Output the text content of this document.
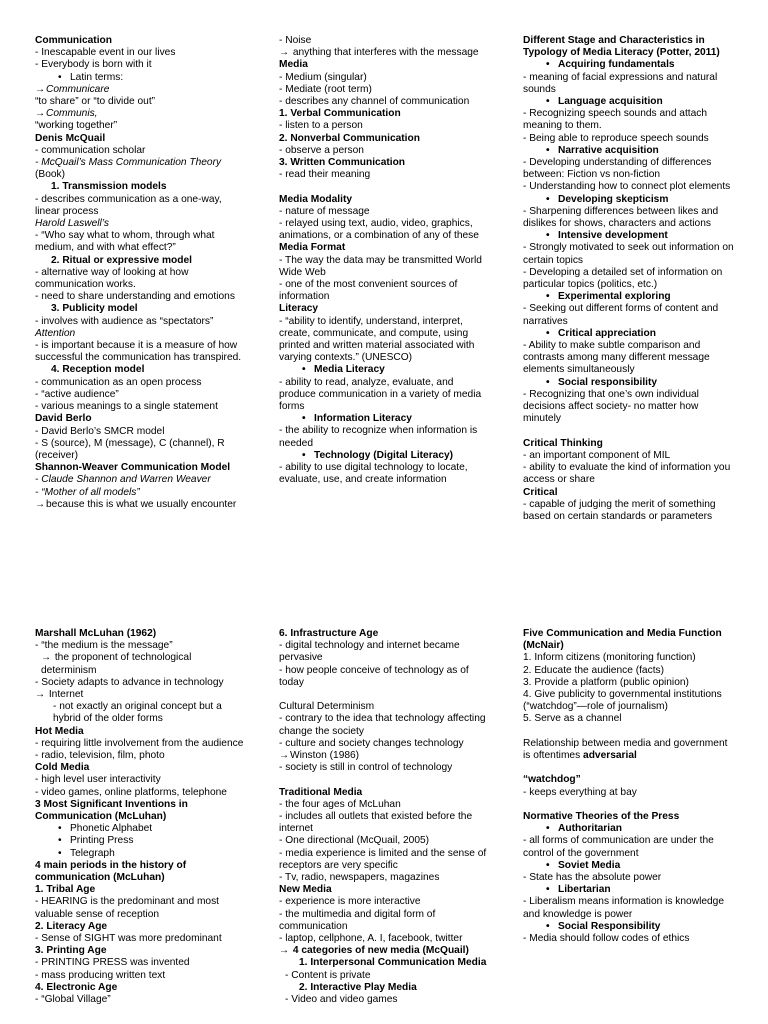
Communication
- Inescapable event in our lives
- Everybody is born with it
• Latin terms:
→Communicare
“to share” or “to divide out”
→Communis,
“working together”
Denis McQuail
- communication scholar
- McQuail’s Mass Communication Theory
(Book)
1. Transmission models
- describes communication as a one-way, linear process
Harold Laswell’s
- “Who say what to whom, through what medium, and with what effect?”
2. Ritual or expressive model
- alternative way of looking at how communication works.
- need to share understanding and emotions
3. Publicity model
- involves with audience as “spectators”
Attention
- is important because it is a measure of how successful the communication has transpired.
4. Reception model
- communication as an open process
- “active audience”
- various meanings to a single statement
David Berlo
- David Berlo’s SMCR model
- S (source), M (message), C (channel), R (receiver)
Shannon-Weaver Communication Model
- Claude Shannon and Warren Weaver
- “Mother of all models”
→because this is what we usually encounter
- Noise
→ anything that interferes with the message
Media
- Medium (singular)
- Mediate (root term)
- describes any channel of communication
1. Verbal Communication
- listen to a person
2. Nonverbal Communication
- observe a person
3. Written Communication
- read their meaning
Media Modality
- nature of message
- relayed using text, audio, video, graphics, animations, or a combination of any of these
Media Format
- The way the data may be transmitted World Wide Web
- one of the most convenient sources of information
Literacy
- “ability to identify, understand, interpret, create, communicate, and compute, using printed and written material associated with varying contexts.” (UNESCO)
• Media Literacy
- ability to read, analyze, evaluate, and produce communication in a variety of media forms
• Information Literacy
- the ability to recognize when information is needed
• Technology (Digital Literacy)
- ability to use digital technology to locate, evaluate, use, and create information
Different Stage and Characteristics in Typology of Media Literacy (Potter, 2011)
• Acquiring fundamentals
- meaning of facial expressions and natural sounds
• Language acquisition
- Recognizing speech sounds and attach meaning to them.
- Being able to reproduce speech sounds
• Narrative acquisition
- Developing understanding of differences between: Fiction vs non-fiction
- Understanding how to connect plot elements
• Developing skepticism
- Sharpening differences between likes and dislikes for shows, characters and actions
• Intensive development
- Strongly motivated to seek out information on certain topics
- Developing a detailed set of information on particular topics (politics, etc.)
• Experimental exploring
- Seeking out different forms of content and narratives
• Critical appreciation
- Ability to make subtle comparison and contrasts among many different message elements simultaneously
• Social responsibility
- Recognizing that one’s own individual decisions affect society- no matter how minutely
Critical Thinking
- an important component of MIL
- ability to evaluate the kind of information you access or share
Critical
- capable of judging the merit of something based on certain standards or parameters
Marshall McLuhan (1962)
- “the medium is the message”
→ the proponent of technological determinism
- Society adapts to advance in technology
→ Internet
- not exactly an original concept but a hybrid of the older forms
Hot Media
- requiring little involvement from the audience
- radio, television, film, photo
Cold Media
- high level user interactivity
- video games, online platforms, telephone
3 Most Significant Inventions in Communication (McLuhan)
• Phonetic Alphabet
• Printing Press
• Telegraph
4 main periods in the history of communication (McLuhan)
1. Tribal Age
- HEARING is the predominant and most valuable sense of reception
2. Literacy Age
- Sense of SIGHT was more predominant
3. Printing Age
- PRINTING PRESS was invented
- mass producing written text
4. Electronic Age
- “Global Village”
6. Infrastructure Age
- digital technology and internet became pervasive
- how people conceive of technology as of today
Cultural Determinism
- contrary to the idea that technology affecting change the society
- culture and society changes technology
→Winston (1986)
- society is still in control of technology
Traditional Media
- the four ages of McLuhan
- includes all outlets that existed before the internet
- One directional (McQuail, 2005)
- media experience is limited and the sense of receptors are very specific
- Tv, radio, newspapers, magazines
New Media
- experience is more interactive
- the multimedia and digital form of communication
- laptop, cellphone, A. I, facebook, twitter
→ 4 categories of new media (McQuail)
1. Interpersonal Communication Media
- Content is private
2. Interactive Play Media
- Video and video games
Five Communication and Media Function (McNair)
1. Inform citizens (monitoring function)
2. Educate the audience (facts)
3. Provide a platform (public opinion)
4. Give publicity to governmental institutions (“watchdog”—role of journalism)
5. Serve as a channel
Relationship between media and government is oftentimes adversarial
“watchdog”
- keeps everything at bay
Normative Theories of the Press
• Authoritarian
- all forms of communication are under the control of the government
• Soviet Media
- State has the absolute power
• Libertarian
- Liberalism means information is knowledge and knowledge is power
• Social Responsibility
- Media should follow codes of ethics
